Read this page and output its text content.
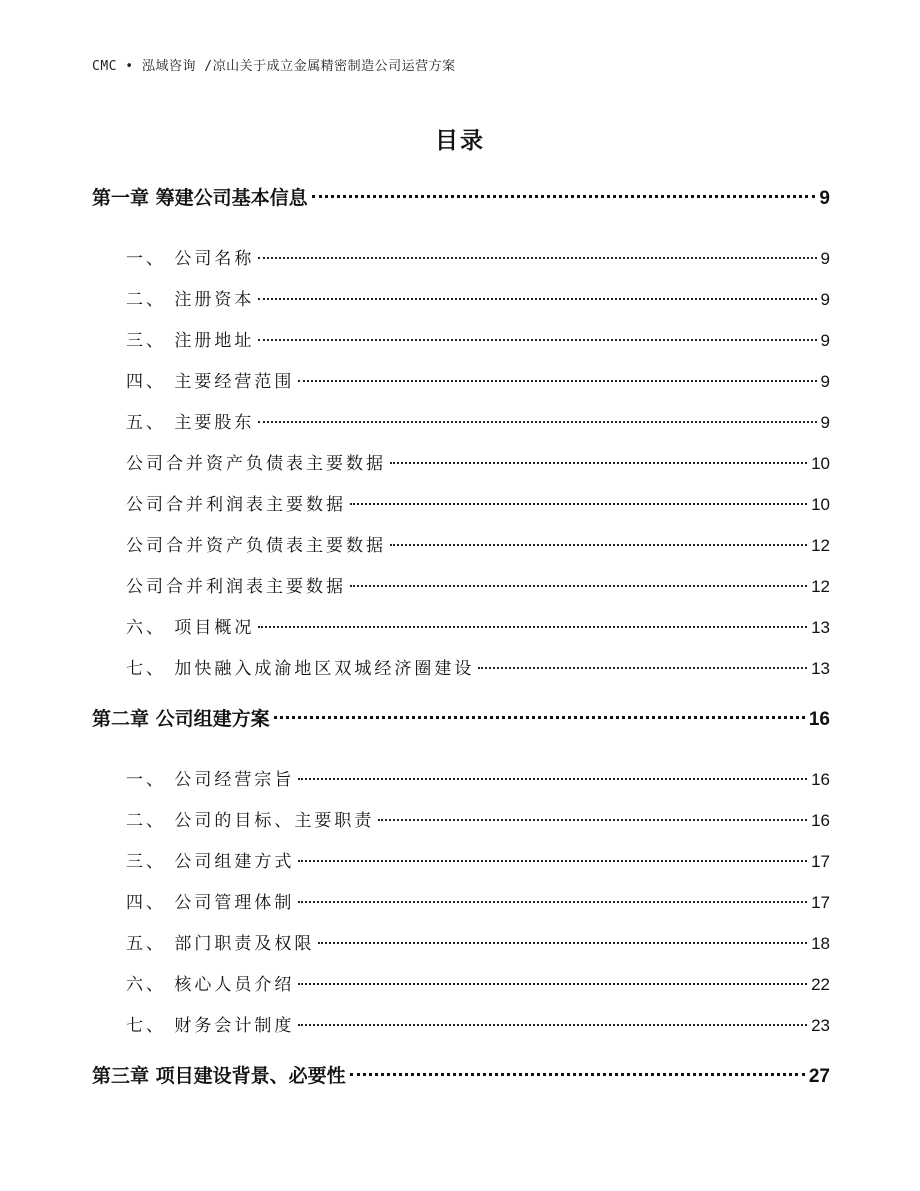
CMC • 泓域咨询 /凉山关于成立金属精密制造公司运营方案
目录
第一章 筹建公司基本信息	9
一、 公司名称	9
二、 注册资本	9
三、 注册地址	9
四、 主要经营范围	9
五、 主要股东	9
公司合并资产负债表主要数据	10
公司合并利润表主要数据	10
公司合并资产负债表主要数据	12
公司合并利润表主要数据	12
六、 项目概况	13
七、 加快融入成渝地区双城经济圈建设	13
第二章 公司组建方案	16
一、 公司经营宗旨	16
二、 公司的目标、主要职责	16
三、 公司组建方式	17
四、 公司管理体制	17
五、 部门职责及权限	18
六、 核心人员介绍	22
七、 财务会计制度	23
第三章 项目建设背景、必要性	27
